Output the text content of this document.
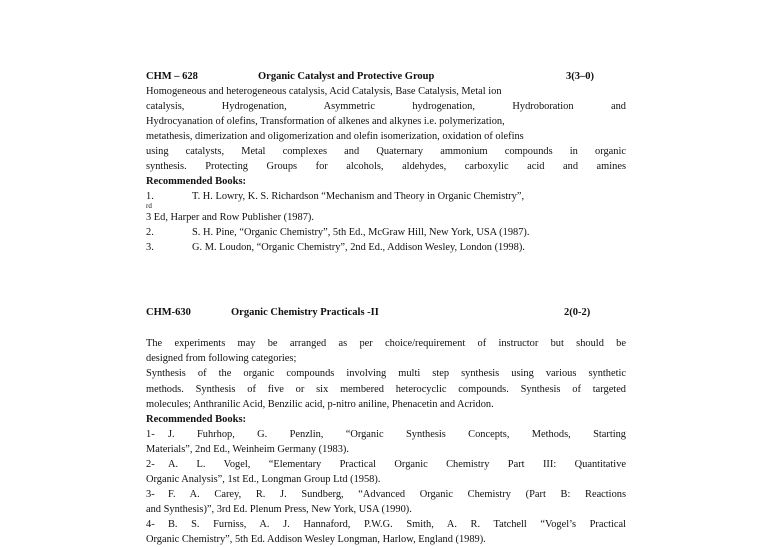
CHM – 628	Organic Catalyst and Protective Group	3(3–0)

Homogeneous and heterogeneous catalysis, Acid Catalysis, Base Catalysis, Metal ion

catalysis, Hydrogenation, Asymmetric hydrogenation, Hydroboration and

Hydrocyanation of olefins, Transformation of alkenes and alkynes i.e. polymerization,

metathesis, dimerization and oligomerization and olefin isomerization, oxidation of olefins

using catalysts, Metal complexes and Quaternary ammonium compounds in organic

synthesis. Protecting Groups for alcohols, aldehydes, carboxylic acid and amines

Recommended Books:
1.	T. H. Lowry, K. S. Richardson “Mechanism and Theory in Organic Chemistry”,
rd
3 Ed, Harper and Row Publisher (1987).
2.	S. H. Pine, “Organic Chemistry”, 5th Ed., McGraw Hill, New York, USA (1987).
3.	G. M. Loudon, “Organic Chemistry”, 2nd Ed., Addison Wesley, London (1998).
CHM-630	Organic Chemistry Practicals -II	2(0-2)

The experiments may be arranged as per choice/requirement of instructor but should be

designed from following categories;

Synthesis of the organic compounds involving multi step synthesis using various synthetic

methods. Synthesis of five or six membered heterocyclic compounds. Synthesis of targeted

molecules; Anthranilic Acid, Benzilic acid, p-nitro aniline, Phenacetin and Acridon.

Recommended Books:
1- J. Fuhrhop, G. Penzlin, “Organic Synthesis Concepts, Methods, Starting
Materials”, 2nd Ed., Weinheim Germany (1983).
2- A. L. Vogel, “Elementary Practical Organic Chemistry Part III: Quantitative
Organic Analysis”, 1st Ed., Longman Group Ltd (1958).
3- F. A. Carey, R. J. Sundberg, “Advanced Organic Chemistry (Part B: Reactions
and Synthesis)”, 3rd Ed. Plenum Press, New York, USA (1990).
4- B. S. Furniss, A. J. Hannaford, P.W.G. Smith, A. R. Tatchell “Vogel’s Practical
Organic Chemistry”, 5th Ed. Addison Wesley Longman, Harlow, England (1989).
